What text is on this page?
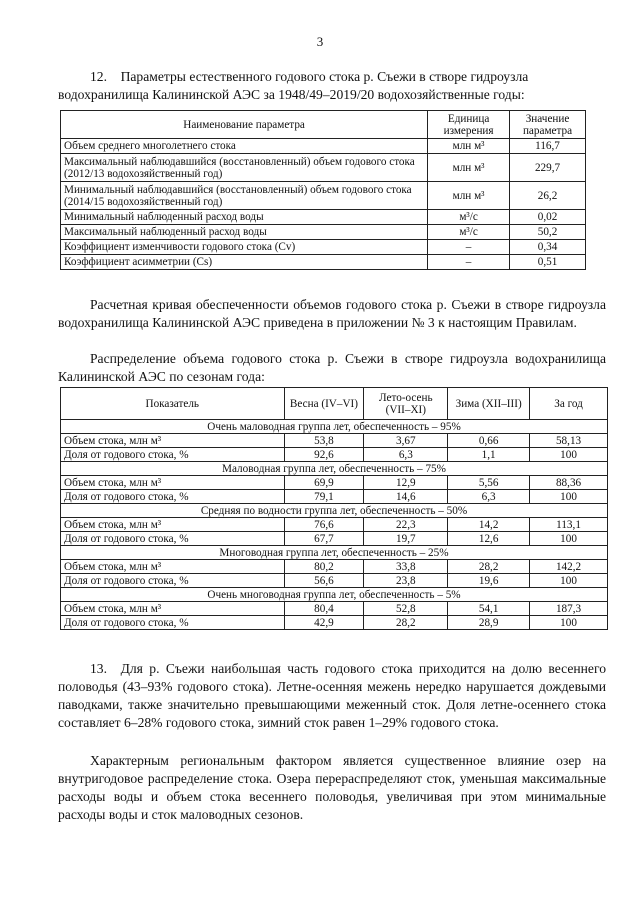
3
12. Параметры естественного годового стока р. Съежи в створе гидроузла
водохранилища Калининской АЭС за 1948/49–2019/20 водохозяйственные годы:
Наименование параметра	Единица измерения	Значение параметра
Объем среднего многолетнего стока	млн м³	116,7
Максимальный наблюдавшийся (восстановленный) объем годового стока (2012/13 водохозяйственный год)	млн м³	229,7
Минимальный наблюдавшийся (восстановленный) объем годового стока (2014/15 водохозяйственный год)	млн м³	26,2
Минимальный наблюденный расход воды	м³/с	0,02
Максимальный наблюденный расход воды	м³/с	50,2
Коэффициент изменчивости годового стока (Cv)	–	0,34
Коэффициент асимметрии (Cs)	–	0,51

Расчетная кривая обеспеченности объемов годового стока р. Съежи в створе гидроузла водохранилища Калининской АЭС приведена в приложении № 3 к настоящим Правилам.

Распределение объема годового стока р. Съежи в створе гидроузла водохранилища Калининской АЭС по сезонам года:

Показатель	Весна (IV–VI)	Лето-осень (VII–XI)	Зима (XII–III)	За год
Очень маловодная группа лет, обеспеченность – 95%				
Объем стока, млн м³	53,8	3,67	0,66	58,13
Доля от годового стока, %	92,6	6,3	1,1	100
Маловодная группа лет, обеспеченность – 75%				
Объем стока, млн м³	69,9	12,9	5,56	88,36
Доля от годового стока, %	79,1	14,6	6,3	100
Средняя по водности группа лет, обеспеченность – 50%				
Объем стока, млн м³	76,6	22,3	14,2	113,1
Доля от годового стока, %	67,7	19,7	12,6	100
Многоводная группа лет, обеспеченность – 25%				
Объем стока, млн м³	80,2	33,8	28,2	142,2
Доля от годового стока, %	56,6	23,8	19,6	100
Очень многоводная группа лет, обеспеченность – 5%				
Объем стока, млн м³	80,4	52,8	54,1	187,3
Доля от годового стока, %	42,9	28,2	28,9	100

13. Для р. Съежи наибольшая часть годового стока приходится на долю весеннего половодья (43–93% годового стока). Летне-осенняя межень нередко нарушается дождевыми паводками, также значительно превышающими меженный сток. Доля летне-осеннего стока составляет 6–28% годового стока, зимний сток равен 1–29% годового стока.

Характерным региональным фактором является существенное влияние озер на внутригодовое распределение стока. Озера перераспределяют сток, уменьшая максимальные расходы воды и объем стока весеннего половодья, увеличивая при этом минимальные расходы воды и сток маловодных сезонов.
